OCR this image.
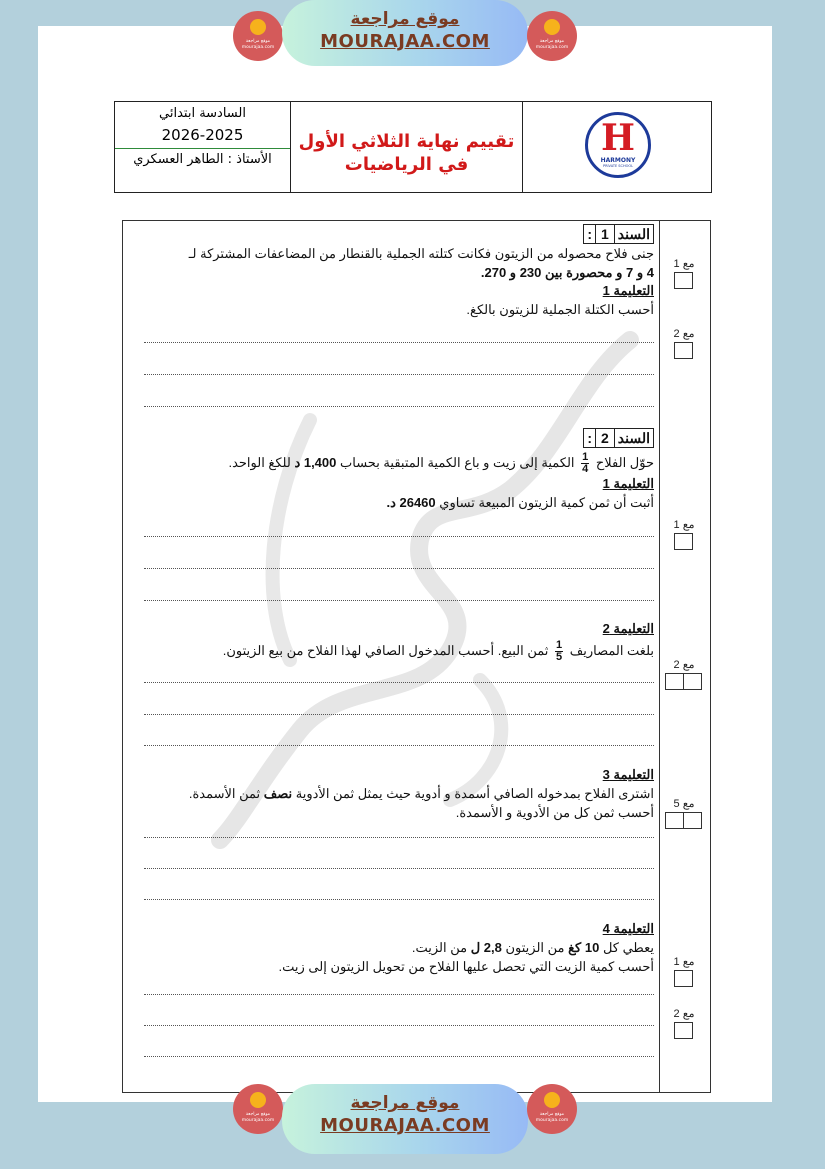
موقع مراجعة mourajaa.com
موقع مراجعة
MOURAJAA.COM	موقع مراجعة mourajaa.com
السادسة ابتدائي
2026-2025
الأستاذ : الطاهر العسكري
تقييم نهاية الثلاثي الأول
في الرياضيات
H
HARMONY
PRIVATE SCHOOL
السند
1
:
جنى فلاح محصوله من الزيتون فكانت كتلته الجملية بالقنطار من المضاعفات المشتركة لـ
4 و 7 و محصورة بين 230 و 270.
التعليمة 1
أحسب الكتلة الجملية للزيتون بالكغ.
السند
2
:
حوّل الفلاح
$\frac{1}{4}$ الكمية إلى زيت و باع الكمية المتبقية بحساب 1,400 د للكغ الواحد.
التعليمة 1
أثبت أن ثمن كمية الزيتون المبيعة تساوي 26460 د.
التعليمة 2
بلغت المصاريف
$\frac{1}{5}$ ثمن البيع. أحسب المدخول الصافي لهذا الفلاح من بيع الزيتون.
التعليمة 3
اشترى الفلاح بمدخوله الصافي أسمدة و أدوية حيث يمثل ثمن الأدوية نصف ثمن الأسمدة.
أحسب ثمن كل من الأدوية و الأسمدة.
التعليمة 4
يعطي كل 10 كغ من الزيتون 2,8 ل من الزيت.
أحسب كمية الزيت التي تحصل عليها الفلاح من تحويل الزيتون إلى زيت.
مع 1
مع 2
مع 1
مع 2
مع 5
مع 1
مع 2
موقع مراجعة mourajaa.com
موقع مراجعة
MOURAJAA.COM
موقع مراجعة mourajaa.com
